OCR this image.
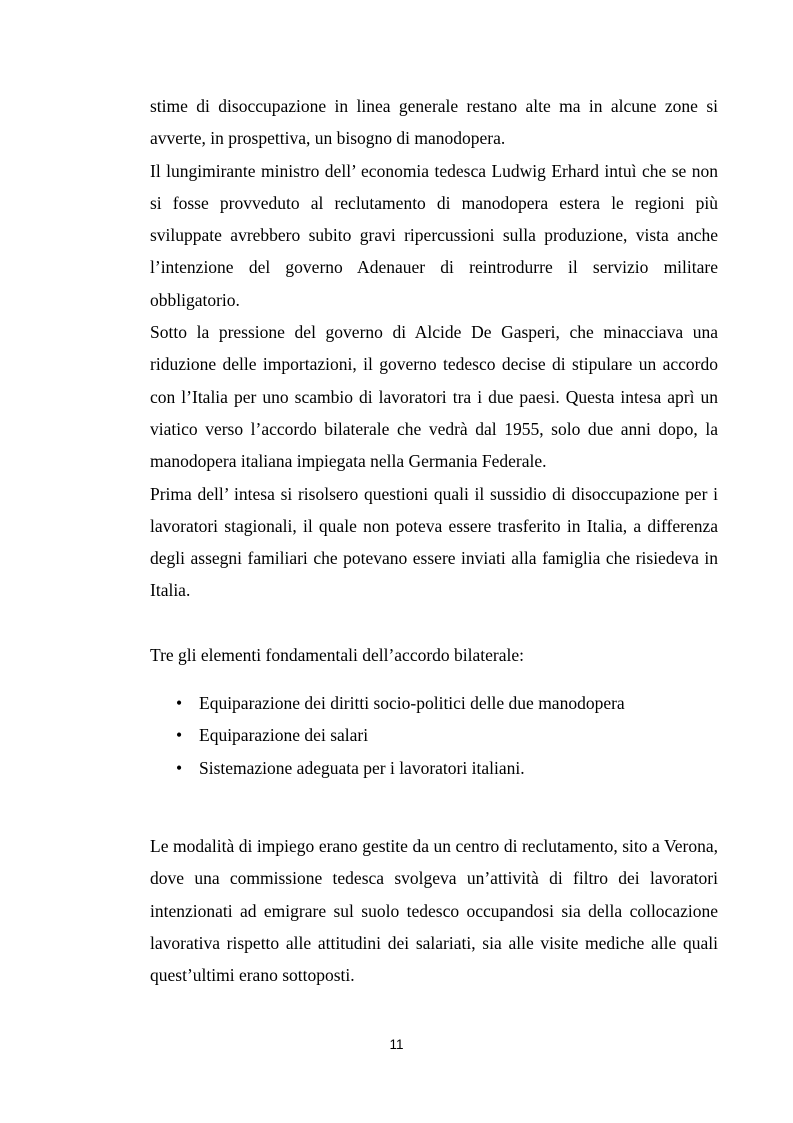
stime di disoccupazione in linea generale restano alte ma in alcune zone si avverte, in prospettiva, un bisogno di manodopera.

Il lungimirante ministro dell’ economia tedesca Ludwig Erhard intuì che se non si fosse provveduto al reclutamento di manodopera estera le regioni più sviluppate avrebbero subito gravi ripercussioni sulla produzione, vista anche l’intenzione del governo Adenauer di reintrodurre il servizio militare obbligatorio.

Sotto la pressione del governo di Alcide De Gasperi, che minacciava una riduzione delle importazioni, il governo tedesco decise di stipulare un accordo con l’Italia per uno scambio di lavoratori tra i due paesi. Questa intesa aprì un viatico verso l’accordo bilaterale che vedrà dal 1955, solo due anni dopo, la manodopera italiana impiegata nella Germania Federale.

Prima dell’ intesa si risolsero questioni quali il sussidio di disoccupazione per i lavoratori stagionali, il quale non poteva essere trasferito in Italia, a differenza degli assegni familiari che potevano essere inviati alla famiglia che risiedeva in Italia.

Tre gli elementi fondamentali dell’accordo bilaterale:

• Equiparazione dei diritti socio-politici delle due manodopera
• Equiparazione dei salari
• Sistemazione adeguata per i lavoratori italiani.

Le modalità di impiego erano gestite da un centro di reclutamento, sito a Verona, dove una commissione tedesca svolgeva un’attività di filtro dei lavoratori intenzionati ad emigrare sul suolo tedesco occupandosi sia della collocazione lavorativa rispetto alle attitudini dei salariati, sia alle visite mediche alle quali quest’ultimi erano sottoposti.

11
